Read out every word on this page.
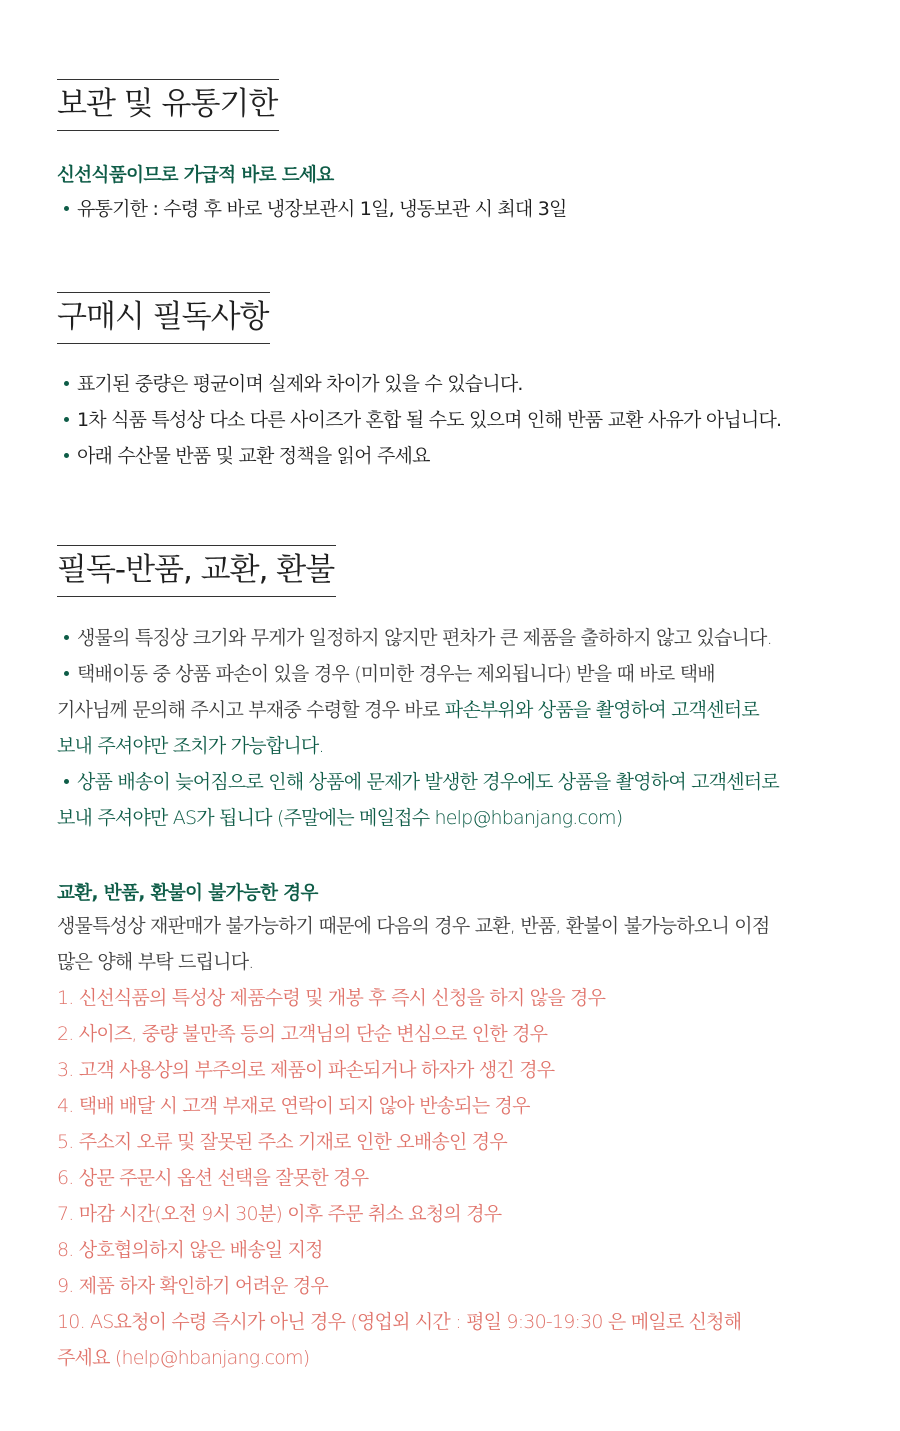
보관 및 유통기한

신선식품이므로 가급적 바로 드세요

유통기한 : 수령 후 바로 냉장보관시 1일, 냉동보관 시 최대 3일

구매시 필독사항

표기된 중량은 평균이며 실제와 차이가 있을 수 있습니다.

1차 식품 특성상 다소 다른 사이즈가 혼합 될 수도 있으며 인해 반품 교환 사유가 아닙니다.

아래 수산물 반품 및 교환 정책을 읽어 주세요

필독-반품, 교환, 환불

생물의 특징상 크기와 무게가 일정하지 않지만 편차가 큰 제품을 출하하지 않고 있습니다.

택배이동 중 상품 파손이 있을 경우 (미미한 경우는 제외됩니다) 받을 때 바로 택배

기사님께 문의해 주시고 부재중 수령할 경우 바로 파손부위와 상품을 촬영하여 고객센터로

보내 주셔야만 조치가 가능합니다.

상품 배송이 늦어짐으로 인해 상품에 문제가 발생한 경우에도 상품을 촬영하여 고객센터로

보내 주셔야만 AS가 됩니다 (주말에는 메일접수 help@hbanjang.com)

교환, 반품, 환불이 불가능한 경우

생물특성상 재판매가 불가능하기 때문에 다음의 경우 교환, 반품, 환불이 불가능하오니 이점

많은 양해 부탁 드립니다.

1. 신선식품의 특성상 제품수령 및 개봉 후 즉시 신청을 하지 않을 경우

2. 사이즈, 중량 불만족 등의 고객님의 단순 변심으로 인한 경우

3. 고객 사용상의 부주의로 제품이 파손되거나 하자가 생긴 경우

4. 택배 배달 시 고객 부재로 연락이 되지 않아 반송되는 경우

5. 주소지 오류 및 잘못된 주소 기재로 인한 오배송인 경우

6. 상문 주문시 옵션 선택을 잘못한 경우

7. 마감 시간(오전 9시 30분) 이후 주문 취소 요청의 경우

8. 상호협의하지 않은 배송일 지정

9. 제품 하자 확인하기 어려운 경우

10. AS요청이 수령 즉시가 아닌 경우 (영업외 시간 : 평일 9:30-19:30 은 메일로 신청해

주세요 (help@hbanjang.com)
